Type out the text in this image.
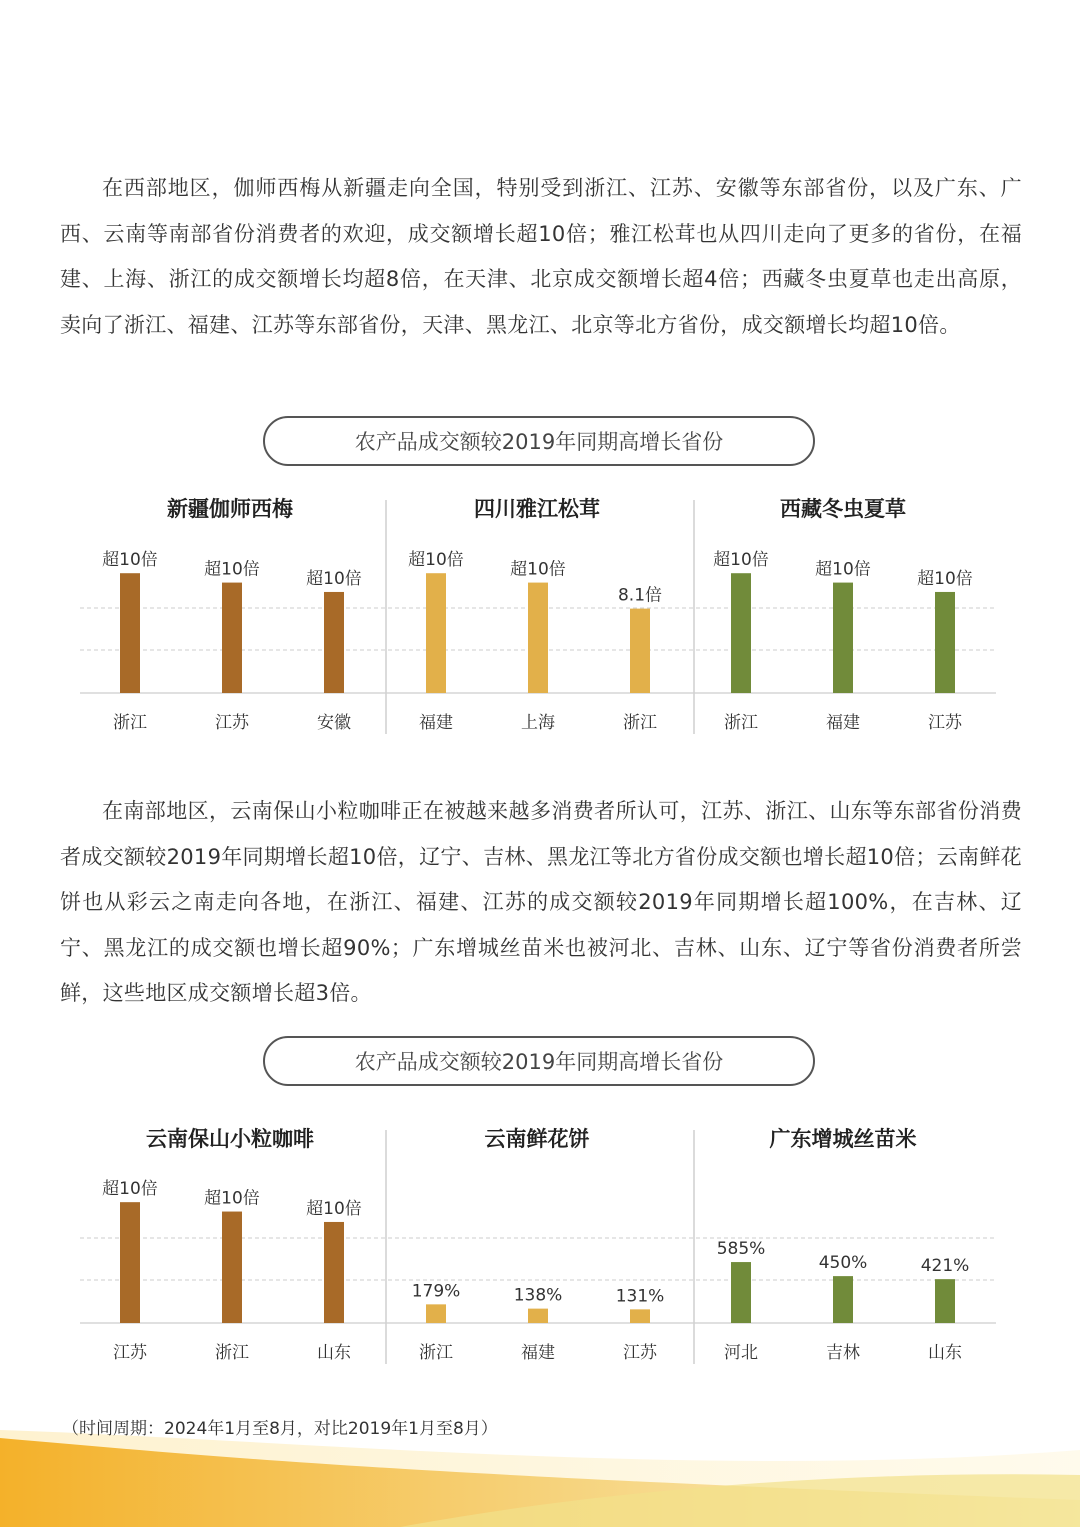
在西部地区，伽师西梅从新疆走向全国，特别受到浙江、江苏、安徽等东部省份，以及广东、广西、云南等南部省份消费者的欢迎，成交额增长超10倍；雅江松茸也从四川走向了更多的省份，在福建、上海、浙江的成交额增长均超8倍，在天津、北京成交额增长超4倍；西藏冬虫夏草也走出高原，卖向了浙江、福建、江苏等东部省份，天津、黑龙江、北京等北方省份，成交额增长均超10倍。

农产品成交额较2019年同期高增长省份
新疆伽师西梅
超10倍
浙江
超10倍
江苏
超10倍
安徽
四川雅江松茸
超10倍
福建
超10倍
上海
8.1倍
浙江
西藏冬虫夏草
超10倍
浙江
超10倍
福建
超10倍
江苏

在南部地区，云南保山小粒咖啡正在被越来越多消费者所认可，江苏、浙江、山东等东部省份消费者成交额较2019年同期增长超10倍，辽宁、吉林、黑龙江等北方省份成交额也增长超10倍；云南鲜花饼也从彩云之南走向各地，在浙江、福建、江苏的成交额较2019年同期增长超100%，在吉林、辽宁、黑龙江的成交额也增长超90%；广东增城丝苗米也被河北、吉林、山东、辽宁等省份消费者所尝鲜，这些地区成交额增长超3倍。

农产品成交额较2019年同期高增长省份
云南保山小粒咖啡
超10倍
江苏
超10倍
浙江
超10倍
山东
云南鲜花饼
179%
浙江
138%
福建
131%
江苏
广东增城丝苗米
585%
河北
450%
吉林
421%
山东
（时间周期：2024年1月至8月，对比2019年1月至8月）
